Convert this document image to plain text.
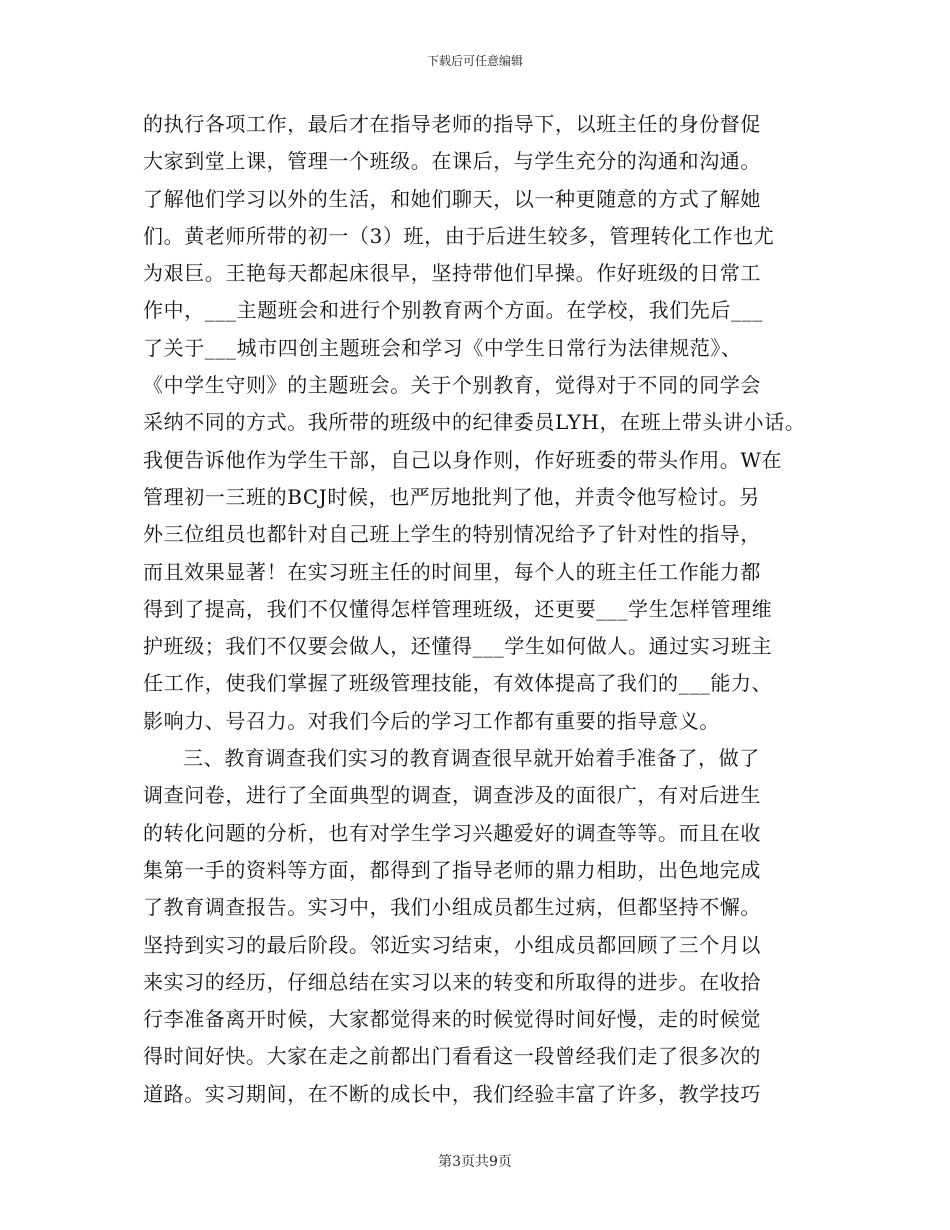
下载后可任意编辑
的执行各项工作，最后才在指导老师的指导下，以班主任的身份督促
大家到堂上课，管理一个班级。在课后，与学生充分的沟通和沟通。
了解他们学习以外的生活，和她们聊天，以一种更随意的方式了解她
们。黄老师所带的初一（3）班，由于后进生较多，管理转化工作也尤
为艰巨。王艳每天都起床很早，坚持带他们早操。作好班级的日常工
作中，___主题班会和进行个别教育两个方面。在学校，我们先后___
了关于___城市四创主题班会和学习《中学生日常行为法律规范》、
《中学生守则》的主题班会。关于个别教育，觉得对于不同的同学会
采纳不同的方式。我所带的班级中的纪律委员LYH，在班上带头讲小话。
我便告诉他作为学生干部，自己以身作则，作好班委的带头作用。W在
管理初一三班的BCJ时候，也严厉地批判了他，并责令他写检讨。另
外三位组员也都针对自己班上学生的特别情况给予了针对性的指导，
而且效果显著！在实习班主任的时间里，每个人的班主任工作能力都
得到了提高，我们不仅懂得怎样管理班级，还更要___学生怎样管理维
护班级；我们不仅要会做人，还懂得___学生如何做人。通过实习班主
任工作，使我们掌握了班级管理技能，有效体提高了我们的___能力、
影响力、号召力。对我们今后的学习工作都有重要的指导意义。
三、教育调查我们实习的教育调查很早就开始着手准备了，做了
调查问卷，进行了全面典型的调查，调查涉及的面很广，有对后进生
的转化问题的分析，也有对学生学习兴趣爱好的调查等等。而且在收
集第一手的资料等方面，都得到了指导老师的鼎力相助，出色地完成
了教育调查报告。实习中，我们小组成员都生过病，但都坚持不懈。
坚持到实习的最后阶段。邻近实习结束，小组成员都回顾了三个月以
来实习的经历，仔细总结在实习以来的转变和所取得的进步。在收拾
行李准备离开时候，大家都觉得来的时候觉得时间好慢，走的时候觉
得时间好快。大家在走之前都出门看看这一段曾经我们走了很多次的
道路。实习期间，在不断的成长中，我们经验丰富了许多，教学技巧
第3页共9页
